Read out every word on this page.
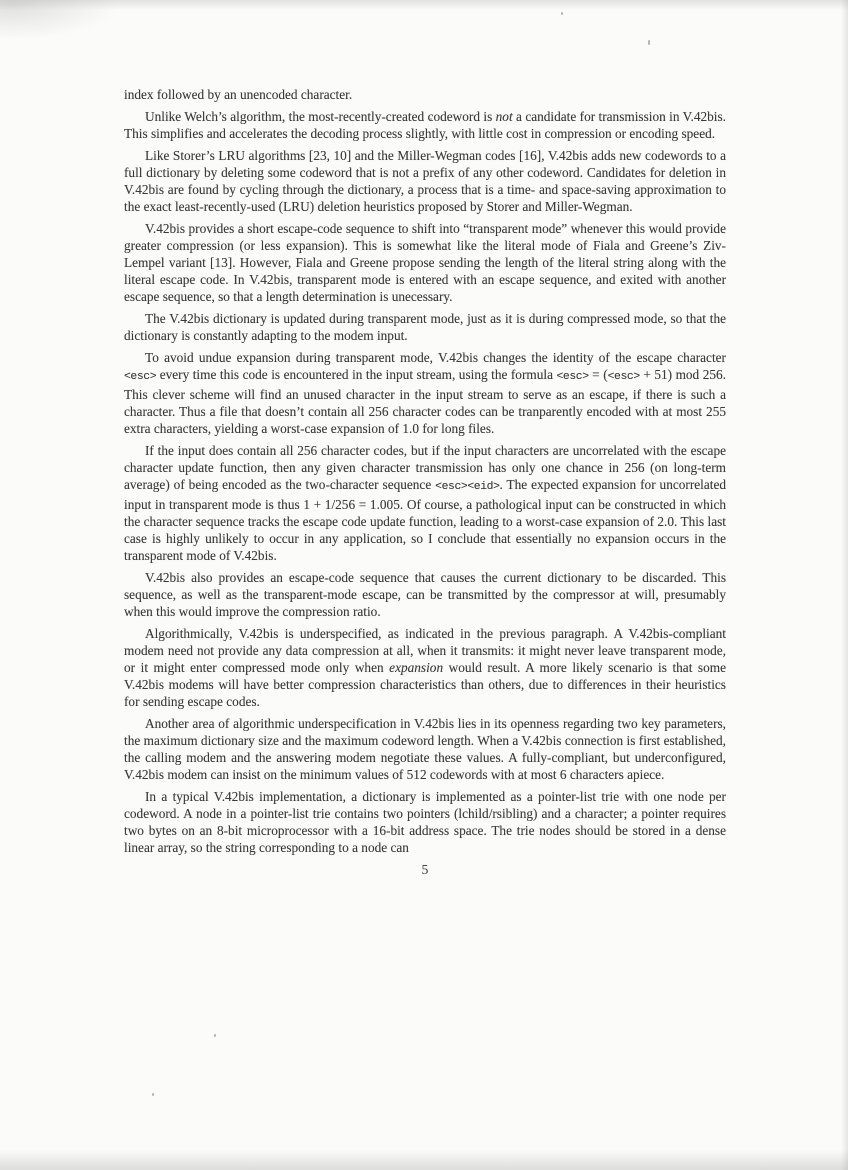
index followed by an unencoded character.

Unlike Welch’s algorithm, the most-recently-created codeword is not a candidate for transmission in V.42bis. This simplifies and accelerates the decoding process slightly, with little cost in compression or encoding speed.

Like Storer’s LRU algorithms [23, 10] and the Miller-Wegman codes [16], V.42bis adds new codewords to a full dictionary by deleting some codeword that is not a prefix of any other codeword. Candidates for deletion in V.42bis are found by cycling through the dictionary, a process that is a time- and space-saving approximation to the exact least-recently-used (LRU) deletion heuristics proposed by Storer and Miller-Wegman.

V.42bis provides a short escape-code sequence to shift into “transparent mode” whenever this would provide greater compression (or less expansion). This is somewhat like the literal mode of Fiala and Greene’s Ziv-Lempel variant [13]. However, Fiala and Greene propose sending the length of the literal string along with the literal escape code. In V.42bis, transparent mode is entered with an escape sequence, and exited with another escape sequence, so that a length determination is unecessary.

The V.42bis dictionary is updated during transparent mode, just as it is during compressed mode, so that the dictionary is constantly adapting to the modem input.

To avoid undue expansion during transparent mode, V.42bis changes the identity of the escape character <esc> every time this code is encountered in the input stream, using the formula <esc> = (<esc> + 51) mod 256. This clever scheme will find an unused character in the input stream to serve as an escape, if there is such a character. Thus a file that doesn’t contain all 256 character codes can be tranparently encoded with at most 255 extra characters, yielding a worst-case expansion of 1.0 for long files.

If the input does contain all 256 character codes, but if the input characters are uncorrelated with the escape character update function, then any given character transmission has only one chance in 256 (on long-term average) of being encoded as the two-character sequence <esc><eid>. The expected expansion for uncorrelated input in transparent mode is thus 1 + 1/256 = 1.005. Of course, a pathological input can be constructed in which the character sequence tracks the escape code update function, leading to a worst-case expansion of 2.0. This last case is highly unlikely to occur in any application, so I conclude that essentially no expansion occurs in the transparent mode of V.42bis.

V.42bis also provides an escape-code sequence that causes the current dictionary to be discarded. This sequence, as well as the transparent-mode escape, can be transmitted by the compressor at will, presumably when this would improve the compression ratio.

Algorithmically, V.42bis is underspecified, as indicated in the previous paragraph. A V.42bis-compliant modem need not provide any data compression at all, when it transmits: it might never leave transparent mode, or it might enter compressed mode only when expansion would result. A more likely scenario is that some V.42bis modems will have better compression characteristics than others, due to differences in their heuristics for sending escape codes.

Another area of algorithmic underspecification in V.42bis lies in its openness regarding two key parameters, the maximum dictionary size and the maximum codeword length. When a V.42bis connection is first established, the calling modem and the answering modem negotiate these values. A fully-compliant, but underconfigured, V.42bis modem can insist on the minimum values of 512 codewords with at most 6 characters apiece.

In a typical V.42bis implementation, a dictionary is implemented as a pointer-list trie with one node per codeword. A node in a pointer-list trie contains two pointers (lchild/rsibling) and a character; a pointer requires two bytes on an 8-bit microprocessor with a 16-bit address space. The trie nodes should be stored in a dense linear array, so the string corresponding to a node can

5
